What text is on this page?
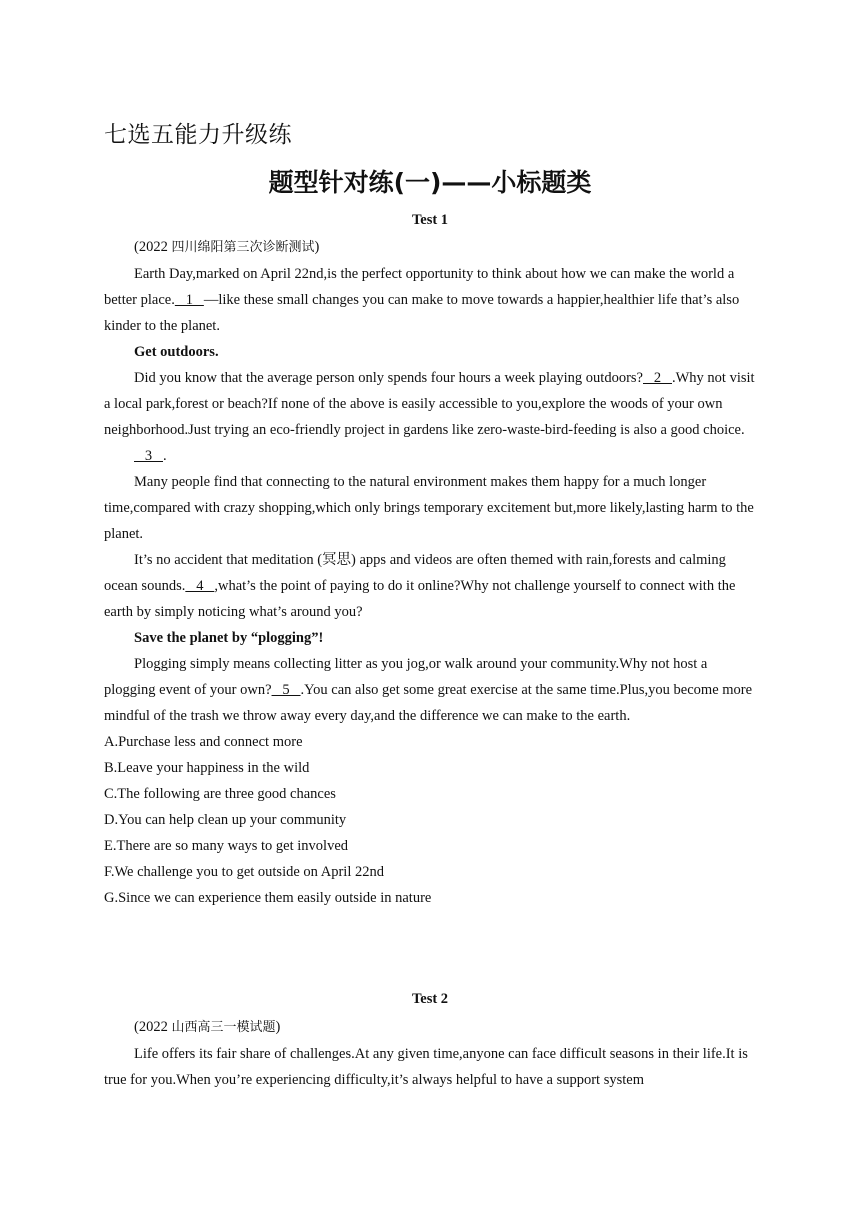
七选五能力升级练
题型针对练(一)——小标题类
Test 1

(2022 四川绵阳第三次诊断测试)

Earth Day,marked on April 22nd,is the perfect opportunity to think about how we can make the world a better place.   1   —like these small changes you can make to move towards a happier,healthier life that’s also kinder to the planet.

Get outdoors.

Did you know that the average person only spends four hours a week playing outdoors?   2   .Why not visit a local park,forest or beach?If none of the above is easily accessible to you,explore the woods of your own neighborhood.Just trying an eco-friendly project in gardens like zero-waste-bird-feeding is also a good choice.

3   .

Many people find that connecting to the natural environment makes them happy for a much longer time,compared with crazy shopping,which only brings temporary excitement but,more likely,lasting harm to the planet.

It’s no accident that meditation (冥思) apps and videos are often themed with rain,forests and calming ocean sounds.   4   ,what’s the point of paying to do it online?Why not challenge yourself to connect with the earth by simply noticing what’s around you?

Save the planet by “plogging”!

Plogging simply means collecting litter as you jog,or walk around your community.Why not host a plogging event of your own?   5   .You can also get some great exercise at the same time.Plus,you become more mindful of the trash we throw away every day,and the difference we can make to the earth.

A.Purchase less and connect more

B.Leave your happiness in the wild

C.The following are three good chances

D.You can help clean up your community

E.There are so many ways to get involved

F.We challenge you to get outside on April 22nd

G.Since we can experience them easily outside in nature

Test 2

(2022 山西高三一模试题)

Life offers its fair share of challenges.At any given time,anyone can face difficult seasons in their life.It is true for you.When you’re experiencing difficulty,it’s always helpful to have a support system
